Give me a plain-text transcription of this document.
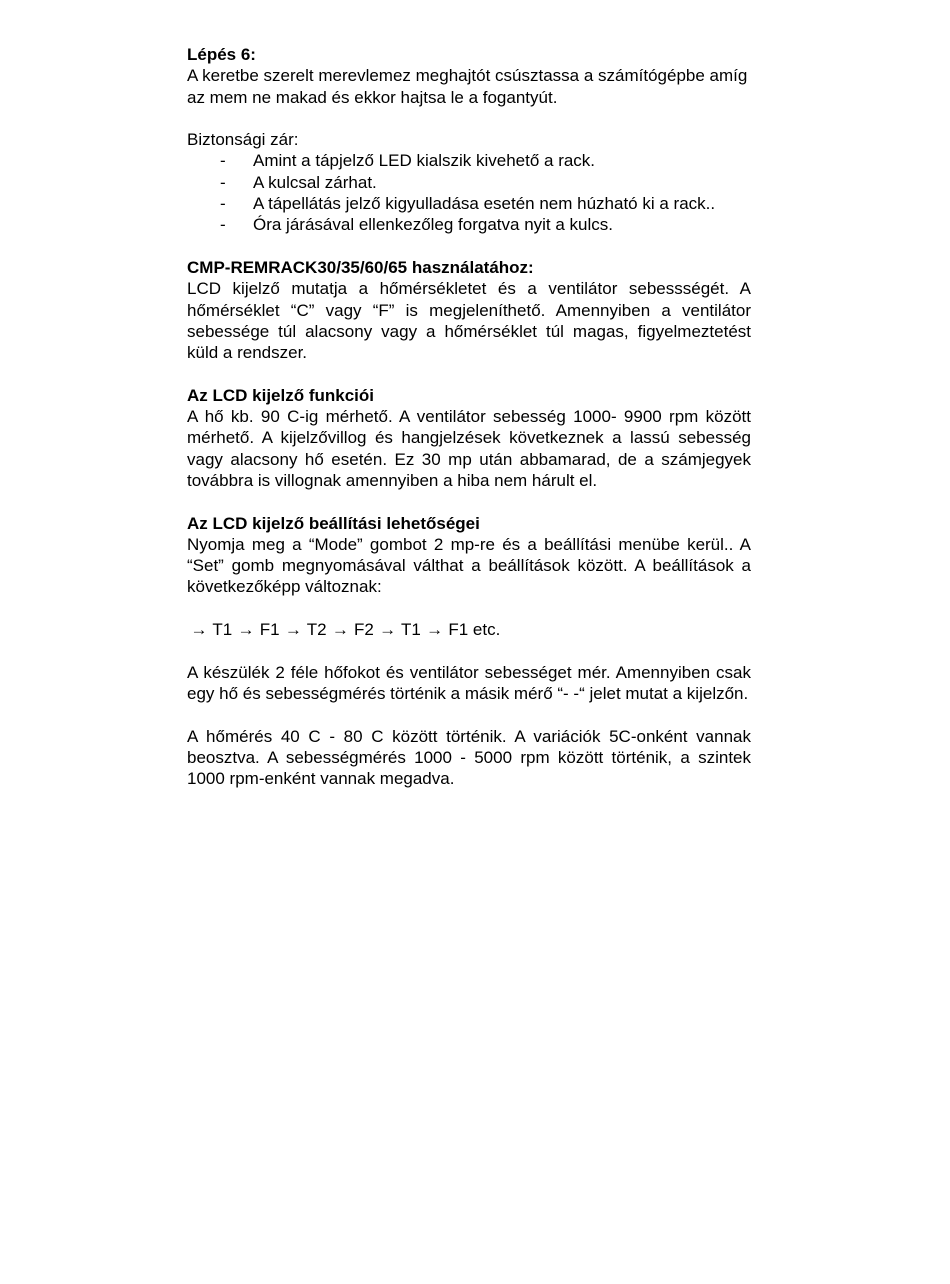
Lépés 6:

A keretbe szerelt merevlemez meghajtót csúsztassa a számítógépbe amíg az mem ne makad és ekkor hajtsa le a fogantyút.

Biztonsági zár:

- Amint a tápjelző LED kialszik kivehető a rack.
- A kulcsal zárhat.
- A tápellátás jelző kigyulladása esetén nem húzható ki a rack..
- Óra járásával ellenkezőleg forgatva nyit a kulcs.

CMP-REMRACK30/35/60/65 használatához:

LCD kijelző mutatja a hőmérsékletet és a ventilátor sebessségét. A hőmérséklet “C” vagy “F” is megjeleníthető. Amennyiben a ventilátor sebessége túl alacsony vagy a hőmérséklet túl magas, figyelmeztetést küld a rendszer.

Az LCD kijelző funkciói

A hő kb. 90 C-ig mérhető. A ventilátor sebesség 1000- 9900 rpm között mérhető. A kijelzővillog és hangjelzések következnek a lassú sebesség vagy alacsony hő esetén. Ez 30 mp után abbamarad, de a számjegyek továbbra is villognak amennyiben a hiba nem hárult el.

Az LCD kijelző beállítási lehetőségei

Nyomja meg a “Mode” gombot 2 mp-re és a beállítási menübe kerül.. A “Set” gomb megnyomásával válthat a beállítások között. A beállítások a következőképp változnak:

→ T1 → F1 → T2 → F2 → T1 → F1 etc.

A készülék 2 féle hőfokot és ventilátor sebességet mér. Amennyiben csak egy hő és sebességmérés történik a másik mérő “- -“ jelet mutat a kijelzőn.

A hőmérés 40 C - 80 C között történik. A variációk 5C-onként vannak beosztva. A sebességmérés 1000 - 5000 rpm között történik, a szintek 1000 rpm-enként vannak megadva.
